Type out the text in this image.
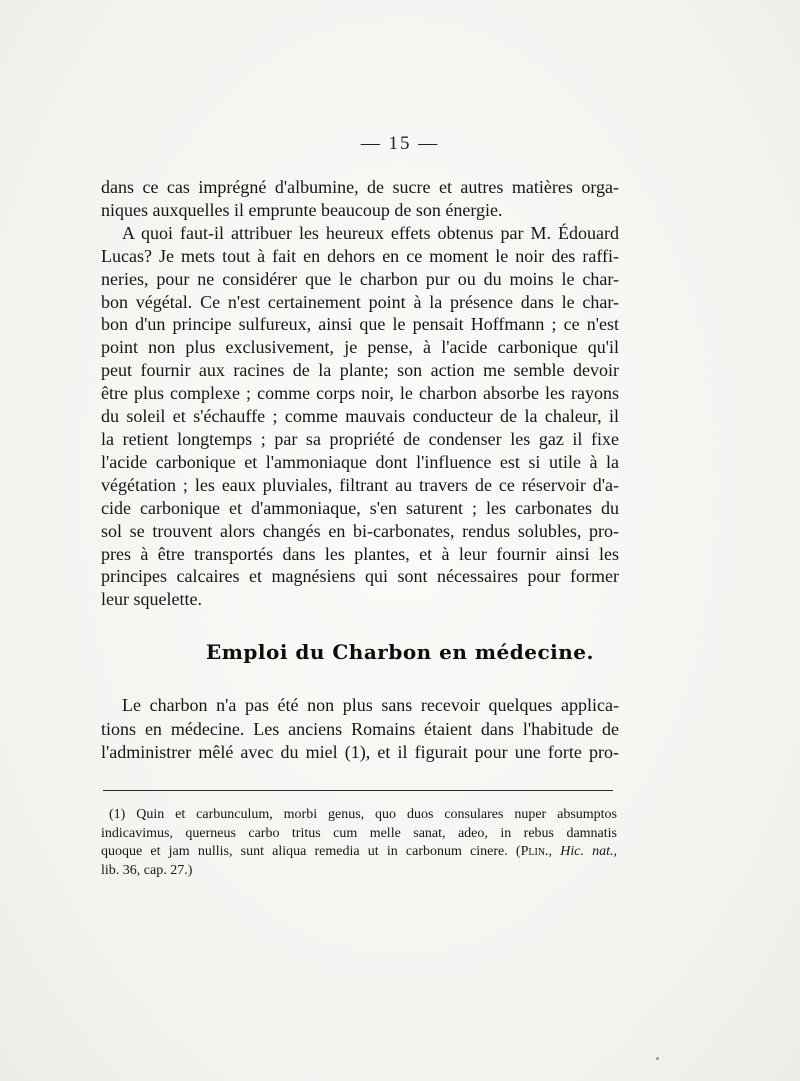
— 15 —
dans ce cas imprégné d'albumine, de sucre et autres matières orga-
niques auxquelles il emprunte beaucoup de son énergie.
A quoi faut-il attribuer les heureux effets obtenus par M. Édouard
Lucas? Je mets tout à fait en dehors en ce moment le noir des raffi-
neries, pour ne considérer que le charbon pur ou du moins le char-
bon végétal. Ce n'est certainement point à la présence dans le char-
bon d'un principe sulfureux, ainsi que le pensait Hoffmann ; ce n'est
point non plus exclusivement, je pense, à l'acide carbonique qu'il
peut fournir aux racines de la plante; son action me semble devoir
être plus complexe ; comme corps noir, le charbon absorbe les rayons
du soleil et s'échauffe ; comme mauvais conducteur de la chaleur, il
la retient longtemps ; par sa propriété de condenser les gaz il fixe
l'acide carbonique et l'ammoniaque dont l'influence est si utile à la
végétation ; les eaux pluviales, filtrant au travers de ce réservoir d'a-
cide carbonique et d'ammoniaque, s'en saturent ; les carbonates du
sol se trouvent alors changés en bi-carbonates, rendus solubles, pro-
pres à être transportés dans les plantes, et à leur fournir ainsi les
principes calcaires et magnésiens qui sont nécessaires pour former
leur squelette.
Emploi du Charbon en médecine.
Le charbon n'a pas été non plus sans recevoir quelques applica-
tions en médecine. Les anciens Romains étaient dans l'habitude de
l'administrer mêlé avec du miel (1), et il figurait pour une forte pro-
(1) Quin et carbunculum, morbi genus, quo duos consulares nuper absumptos
indicavimus, querneus carbo tritus cum melle sanat, adeo, in rebus damnatis
quoque et jam nullis, sunt aliqua remedia ut in carbonum cinere. (Plin., Hic. nat.,
lib. 36, cap. 27.)
